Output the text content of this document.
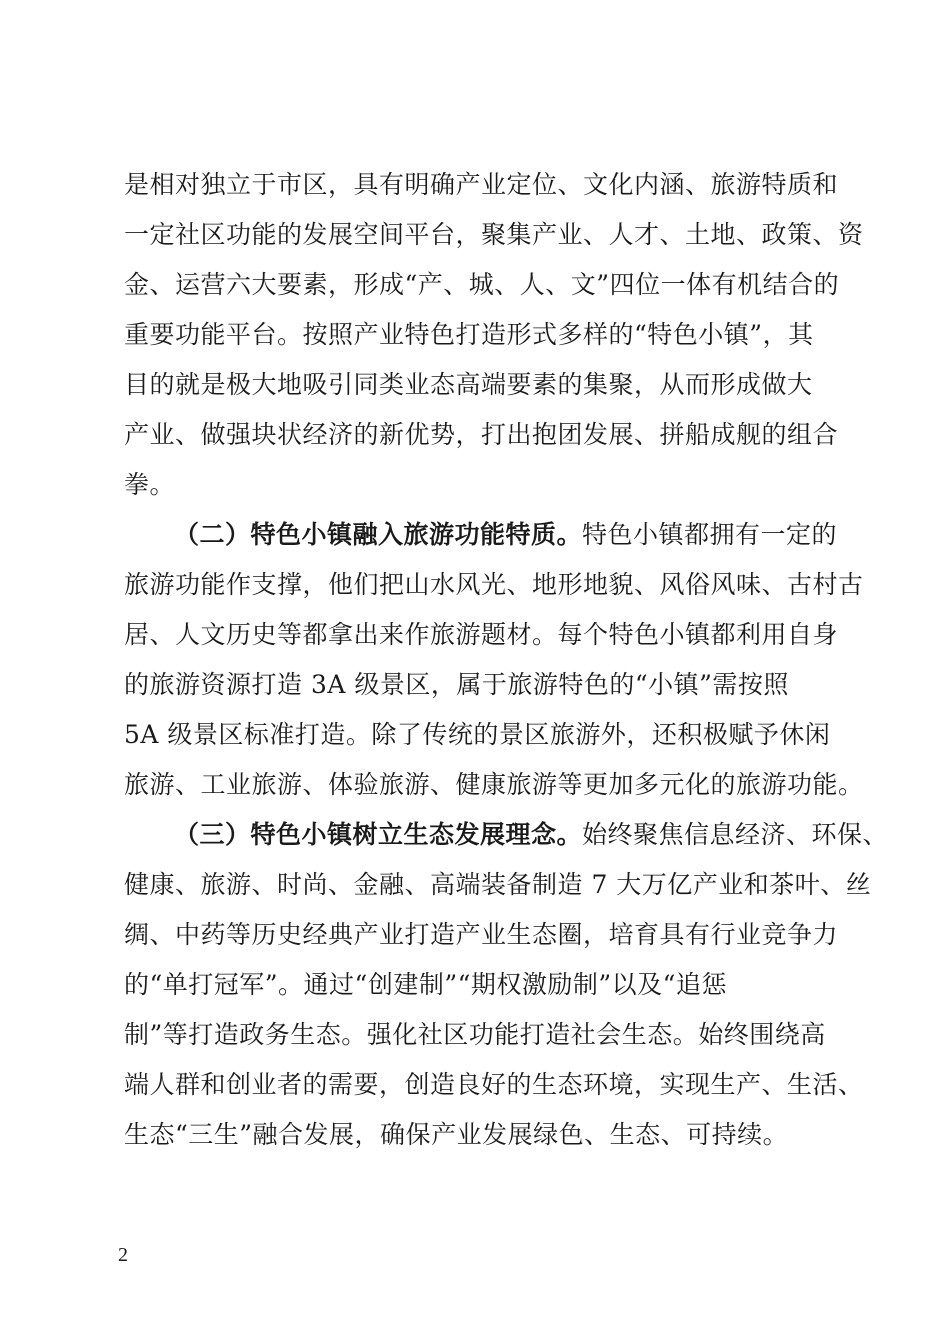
是相对独立于市区，具有明确产业定位、文化内涵、旅游特质和
一定社区功能的发展空间平台，聚集产业、人才、土地、政策、资
金、运营六大要素，形成“产、城、人、文”四位一体有机结合的
重要功能平台。按照产业特色打造形式多样的“特色小镇”，其
目的就是极大地吸引同类业态高端要素的集聚，从而形成做大
产业、做强块状经济的新优势，打出抱团发展、拼船成舰的组合
拳。
（二）特色小镇融入旅游功能特质。特色小镇都拥有一定的
旅游功能作支撑，他们把山水风光、地形地貌、风俗风味、古村古
居、人文历史等都拿出来作旅游题材。每个特色小镇都利用自身
的旅游资源打造 3A 级景区，属于旅游特色的“小镇”需按照
5A 级景区标准打造。除了传统的景区旅游外，还积极赋予休闲
旅游、工业旅游、体验旅游、健康旅游等更加多元化的旅游功能。
（三）特色小镇树立生态发展理念。始终聚焦信息经济、环保、
健康、旅游、时尚、金融、高端装备制造 7 大万亿产业和茶叶、丝
绸、中药等历史经典产业打造产业生态圈，培育具有行业竞争力
的“单打冠军”。通过“创建制”“期权激励制”以及“追惩
制”等打造政务生态。强化社区功能打造社会生态。始终围绕高
端人群和创业者的需要，创造良好的生态环境，实现生产、生活、
生态“三生”融合发展，确保产业发展绿色、生态、可持续。
2
